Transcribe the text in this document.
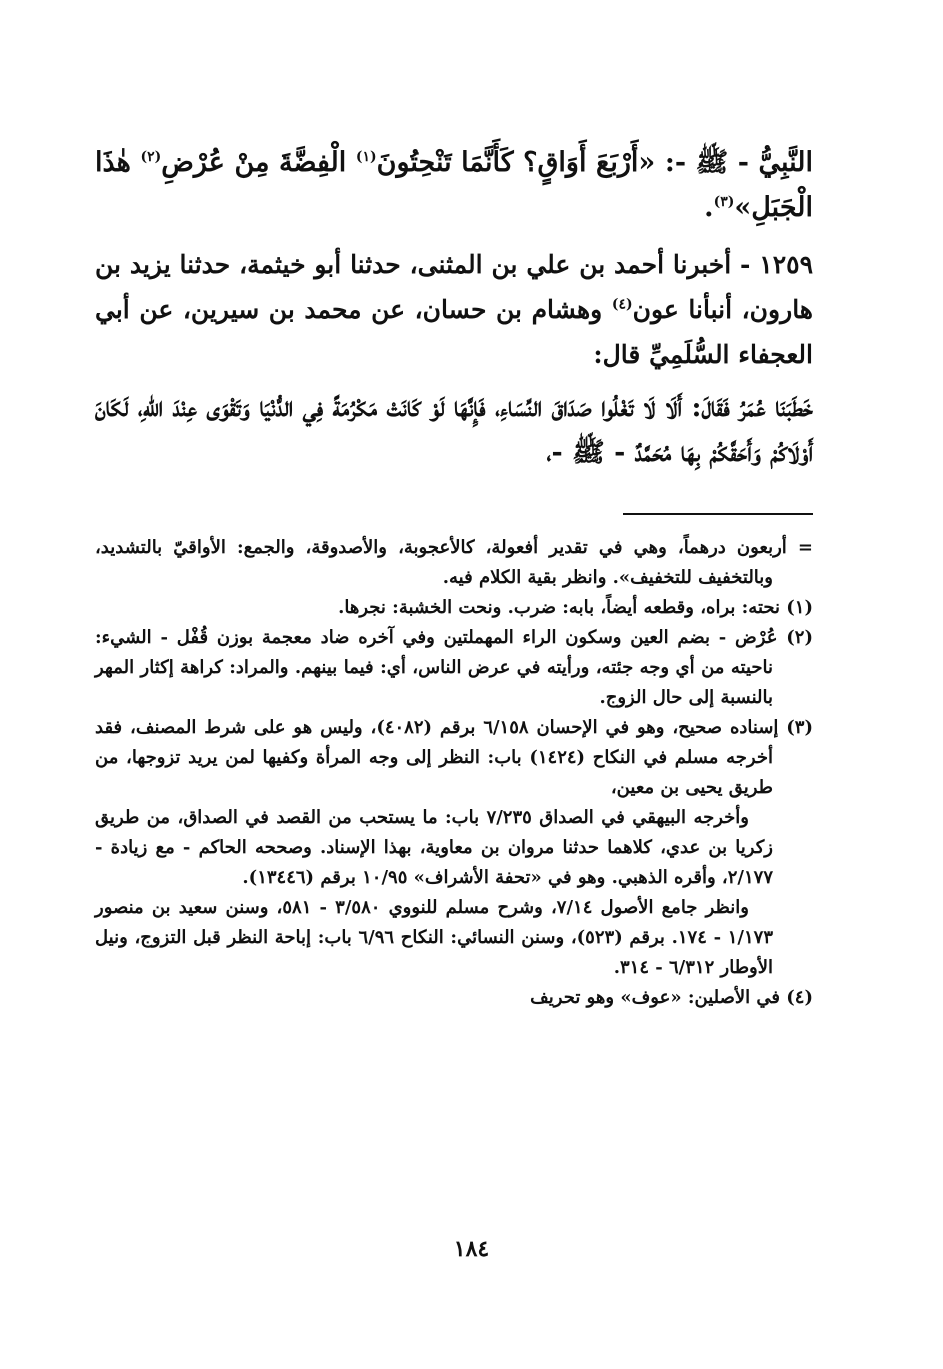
النَّبِيُّ - ﷺ -: «أَرْبَعَ أَوَاقٍ؟ كَأَنَّمَا تَنْحِتُونَ$^{(١)}$ الْفِضَّةَ مِنْ عُرْضِ$^{(٢)}$ هٰذَا الْجَبَلِ»$^{(٣)}$.

١٢٥٩ - أخبرنا أحمد بن علي بن المثنى، حدثنا أبو خيثمة، حدثنا يزيد بن هارون، أنبأنا عون$^{(٤)}$ وهشام بن حسان، عن محمد بن سيرين، عن أبي العجفاء السُّلَمِيِّ قال:

خَطَبَنَا عُمَرُ فَقَالَ: أَلَا لَا تَغْلُوا صَدَاقَ النِّسَاءِ، فَإِنَّهَا لَوْ كَانَتْ مَكْرُمَةً فِي الدُّنْيَا وَتَقْوَى عِنْدَ اللهِ، لَكَانَ أَوْلَاكُمْ وَأَحَقَّكُمْ بِهَا مُحَمَّدٌ - ﷺ -،

= أربعون درهماً، وهي في تقدير أفعولة، كالأعجوبة، والأصدوقة، والجمع: الأواقيّ بالتشديد، وبالتخفيف للتخفيف». وانظر بقية الكلام فيه.

(١) نحته: براه، وقطعه أيضاً، بابه: ضرب. ونحت الخشبة: نجرها.

(٢) عُرْض - بضم العين وسكون الراء المهملتين وفي آخره ضاد معجمة بوزن قُفْل - الشيء: ناحيته من أي وجه جئته، ورأيته في عرض الناس، أي: فيما بينهم. والمراد: كراهة إكثار المهر بالنسبة إلى حال الزوج.

(٣) إسناده صحيح، وهو في الإحسان ٦/١٥٨ برقم (٤٠٨٢)، وليس هو على شرط المصنف، فقد أخرجه مسلم في النكاح (١٤٢٤) باب: النظر إلى وجه المرأة وكفيها لمن يريد تزوجها، من طريق يحيى بن معين،

وأخرجه البيهقي في الصداق ٧/٢٣٥ باب: ما يستحب من القصد في الصداق، من طريق زكريا بن عدي، كلاهما حدثنا مروان بن معاوية، بهذا الإسناد. وصححه الحاكم - مع زيادة - ٢/١٧٧، وأقره الذهبي. وهو في «تحفة الأشراف» ١٠/٩٥ برقم (١٣٤٤٦).

وانظر جامع الأصول ٧/١٤، وشرح مسلم للنووي ٣/٥٨٠ - ٥٨١، وسنن سعيد بن منصور ١/١٧٣ - ١٧٤. برقم (٥٢٣)، وسنن النسائي: النكاح ٦/٩٦ باب: إباحة النظر قبل التزوج، ونيل الأوطار ٦/٣١٢ - ٣١٤.

(٤) في الأصلين: «عوف» وهو تحريف

١٨٤
